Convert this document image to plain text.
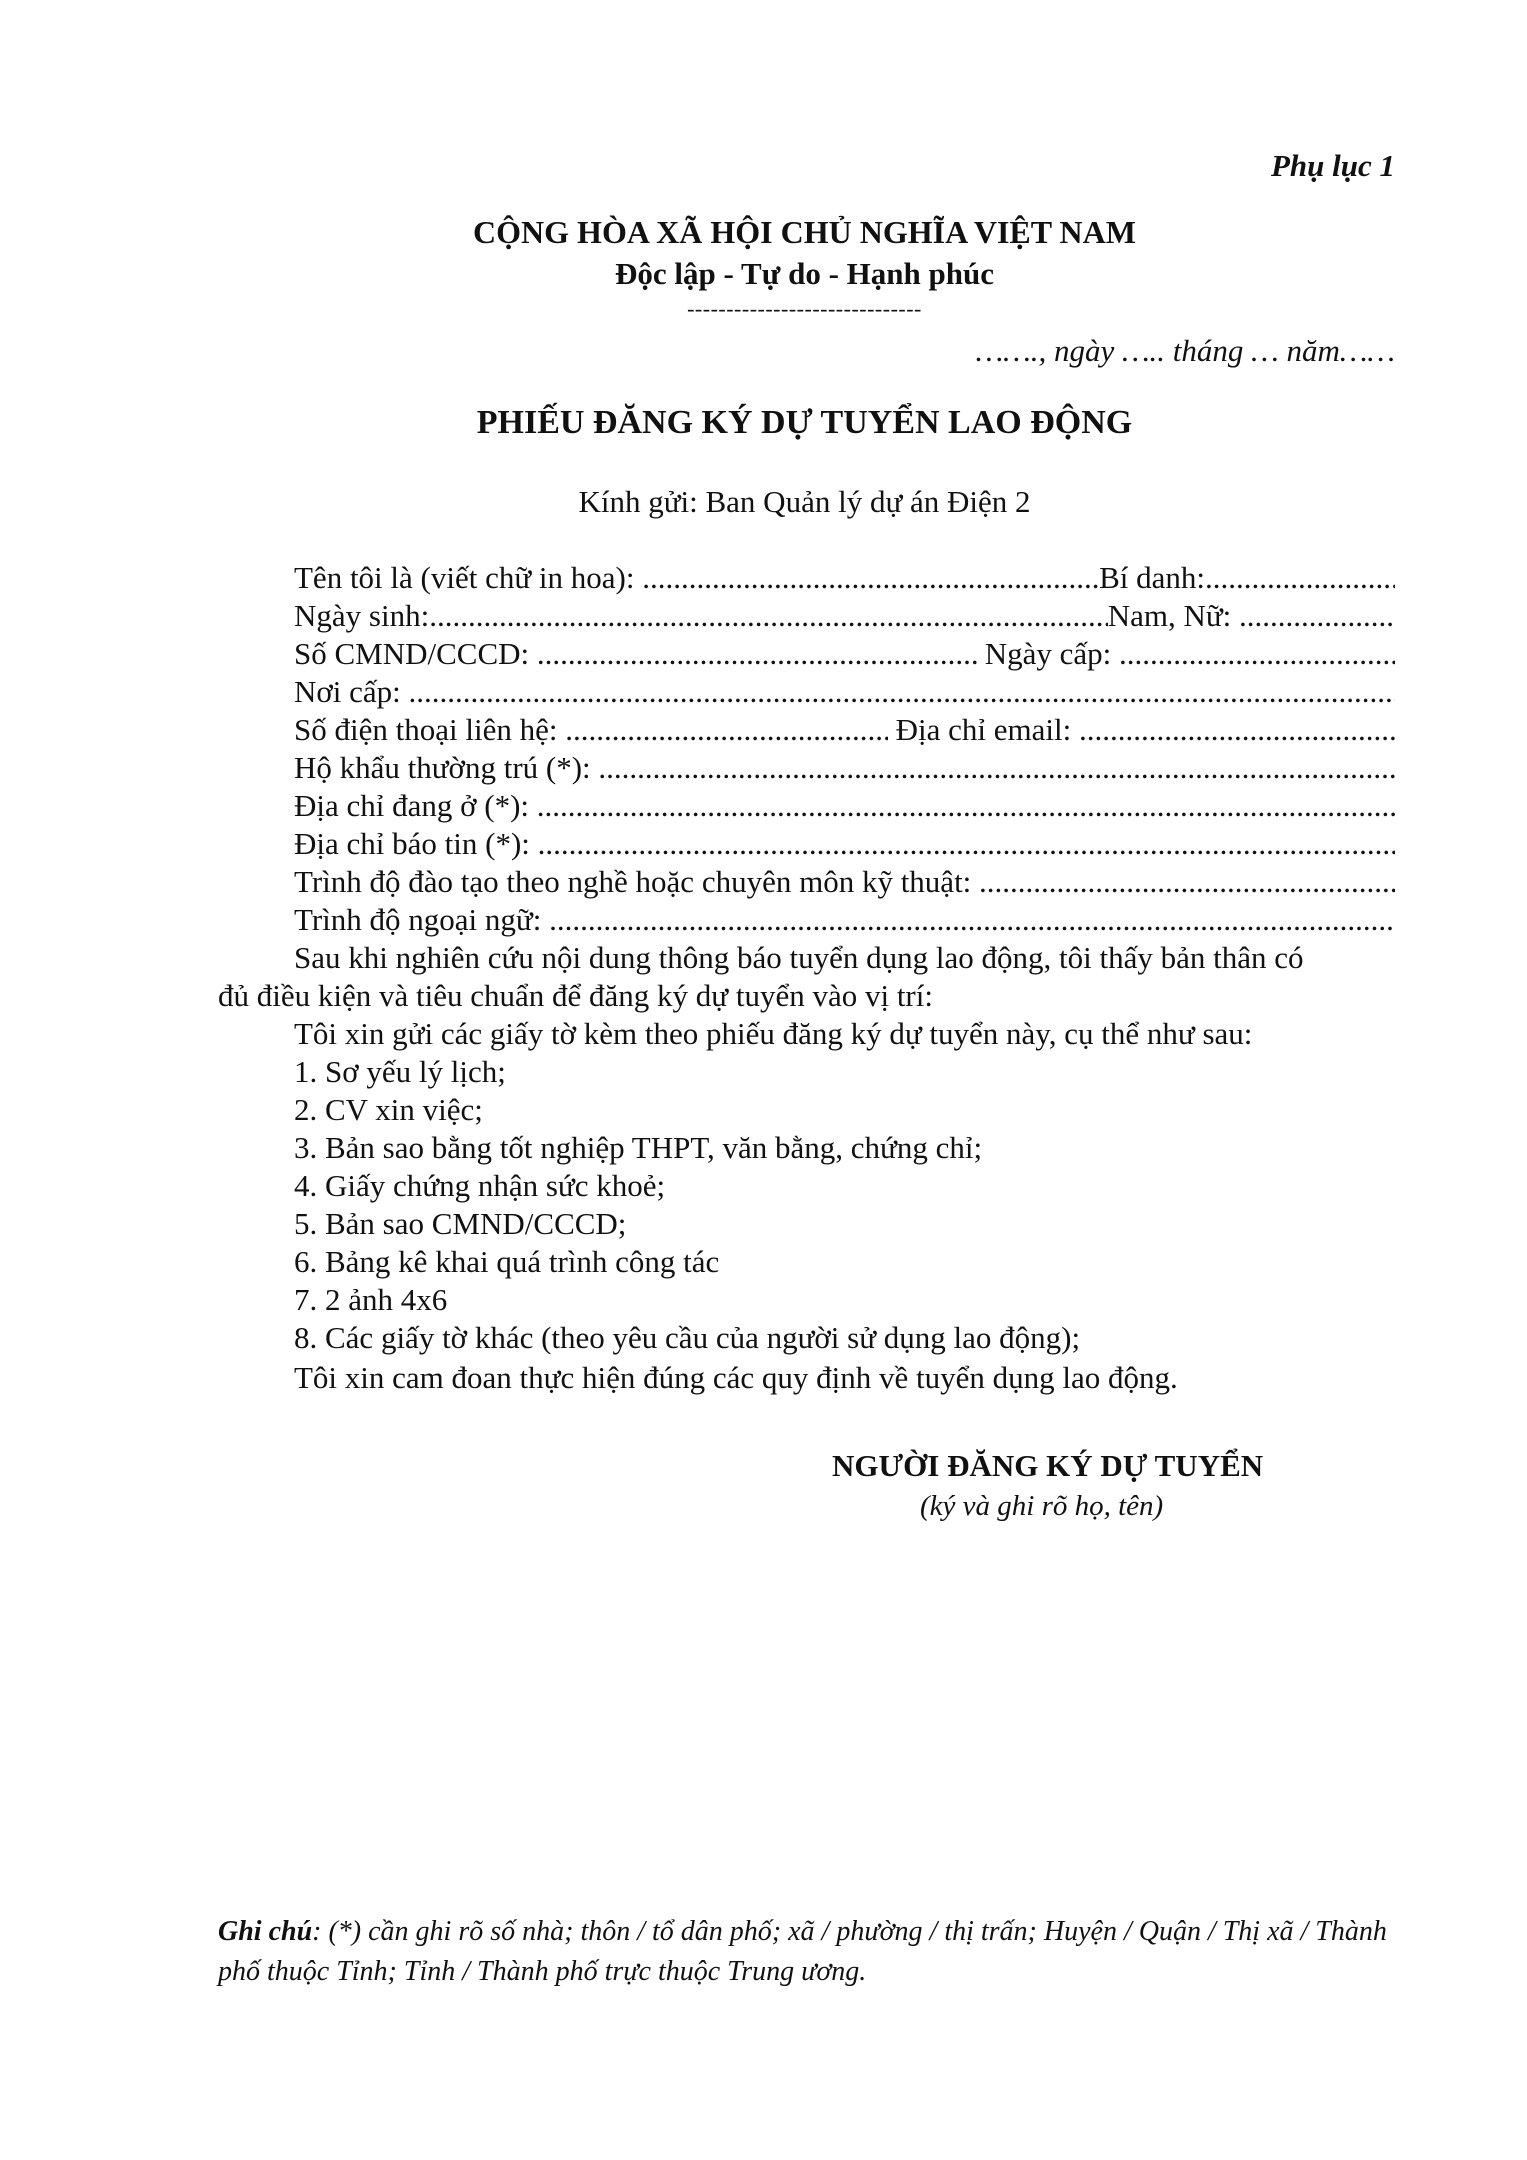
Phụ lục 1
CỘNG HÒA XÃ HỘI CHỦ NGHĨA VIỆT NAM
Độc lập - Tự do - Hạnh phúc
------------------------------
……., ngày ….. tháng … năm……
PHIẾU ĐĂNG KÝ DỰ TUYỂN LAO ĐỘNG
Kính gửi: Ban Quản lý dự án Điện 2
Tên tôi là (viết chữ in hoa): .....	Bí danh:
.....
Ngày sinh: .....	Nam, Nữ:
.....
Số CMND/CCCD: .....	Ngày cấp:
.....
Nơi cấp:
.....
Số điện thoại liên hệ: .....	Địa chỉ email:
.....
Hộ khẩu thường trú (*):
.....
Địa chỉ đang ở (*):
.....
Địa chỉ báo tin (*):
.....
Trình độ đào tạo theo nghề hoặc chuyên môn kỹ thuật:
.....
Trình độ ngoại ngữ:
.....
Sau khi nghiên cứu nội dung thông báo tuyển dụng lao động, tôi thấy bản thân có
đủ điều kiện và tiêu chuẩn để đăng ký dự tuyển vào vị trí:
Tôi xin gửi các giấy tờ kèm theo phiếu đăng ký dự tuyển này, cụ thể như sau:
1. Sơ yếu lý lịch;
2. CV xin việc;
3. Bản sao bằng tốt nghiệp THPT, văn bằng, chứng chỉ;
4. Giấy chứng nhận sức khoẻ;
5. Bản sao CMND/CCCD;
6. Bảng kê khai quá trình công tác
7. 2 ảnh 4x6
8. Các giấy tờ khác (theo yêu cầu của người sử dụng lao động);
Tôi xin cam đoan thực hiện đúng các quy định về tuyển dụng lao động.
NGƯỜI ĐĂNG KÝ DỰ TUYỂN
(ký và ghi rõ họ, tên)
Ghi chú: (*) cần ghi rõ số nhà; thôn / tổ dân phố; xã / phường / thị trấn; Huyện / Quận / Thị xã / Thành phố thuộc Tỉnh; Tỉnh / Thành phố trực thuộc Trung ương.
